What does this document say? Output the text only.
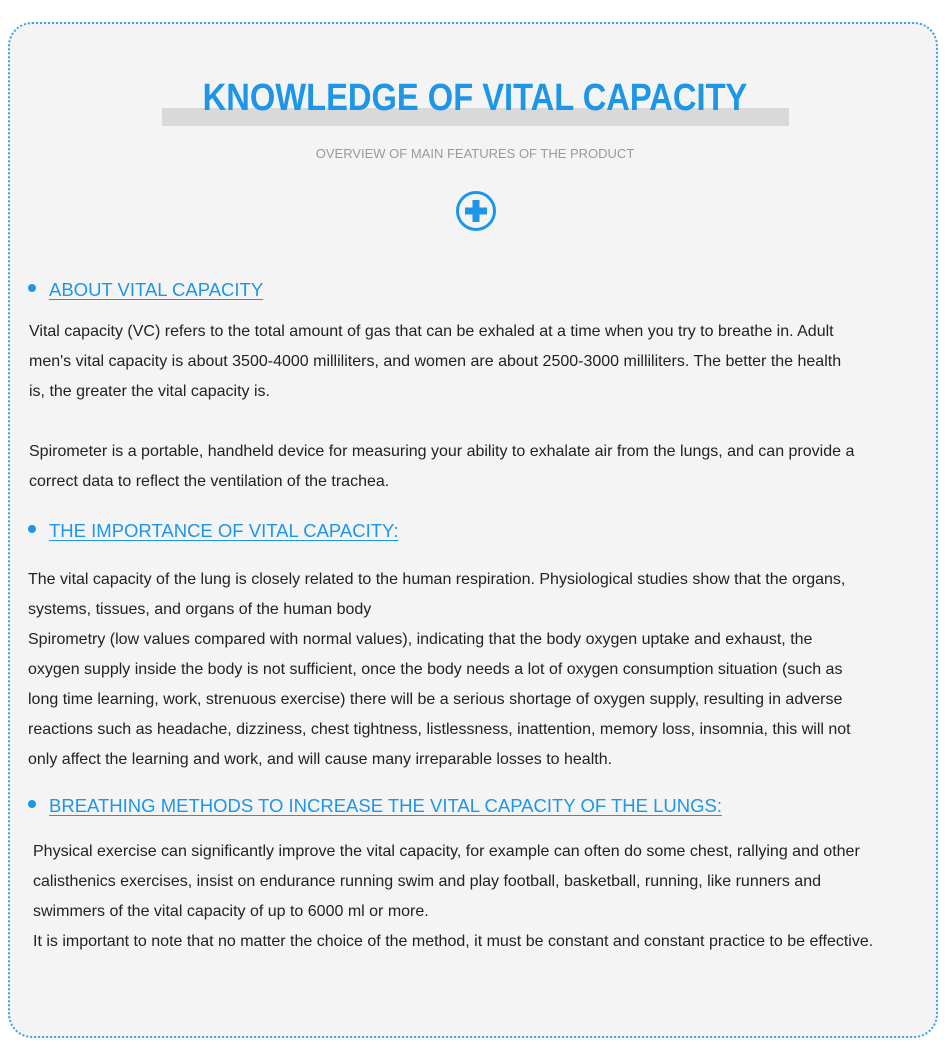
KNOWLEDGE OF VITAL CAPACITY
OVERVIEW OF MAIN FEATURES OF THE PRODUCT
ABOUT VITAL CAPACITY
Vital capacity (VC) refers to the total amount of gas that can be exhaled at a time when you try to breathe in. Adult
men's vital capacity is about 3500-4000 milliliters, and women are about 2500-3000 milliliters. The better the health
is, the greater the vital capacity is.
Spirometer is a portable, handheld device for measuring your ability to exhalate air from the lungs, and can provide a
correct data to reflect the ventilation of the trachea.
THE IMPORTANCE OF VITAL CAPACITY:
The vital capacity of the lung is closely related to the human respiration. Physiological studies show that the organs,
systems, tissues, and organs of the human body
Spirometry (low values compared with normal values), indicating that the body oxygen uptake and exhaust, the
oxygen supply inside the body is not sufficient, once the body needs a lot of oxygen consumption situation (such as
long time learning, work, strenuous exercise) there will be a serious shortage of oxygen supply, resulting in adverse
reactions such as headache, dizziness, chest tightness, listlessness, inattention, memory loss, insomnia, this will not
only affect the learning and work, and will cause many irreparable losses to health.
BREATHING METHODS TO INCREASE THE VITAL CAPACITY OF THE LUNGS:
Physical exercise can significantly improve the vital capacity, for example can often do some chest, rallying and other
calisthenics exercises, insist on endurance running swim and play football, basketball, running, like runners and
swimmers of the vital capacity of up to 6000 ml or more.
It is important to note that no matter the choice of the method, it must be constant and constant practice to be effective.
